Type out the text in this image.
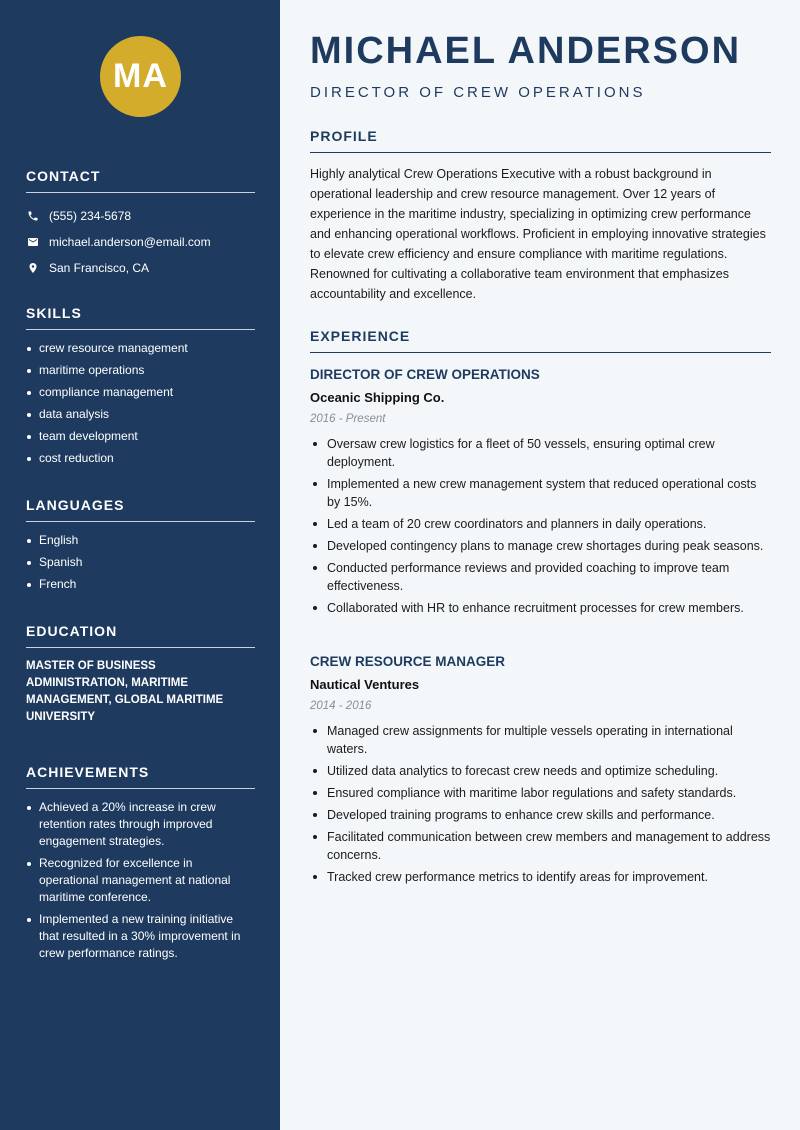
MA
CONTACT
(555) 234-5678
michael.anderson@email.com
San Francisco, CA
SKILLS
crew resource management
maritime operations
compliance management
data analysis
team development
cost reduction
LANGUAGES
English
Spanish
French
EDUCATION
MASTER OF BUSINESS ADMINISTRATION, MARITIME MANAGEMENT, GLOBAL MARITIME UNIVERSITY
ACHIEVEMENTS
Achieved a 20% increase in crew retention rates through improved engagement strategies.
Recognized for excellence in operational management at national maritime conference.
Implemented a new training initiative that resulted in a 30% improvement in crew performance ratings.
MICHAEL ANDERSON
DIRECTOR OF CREW OPERATIONS
PROFILE
Highly analytical Crew Operations Executive with a robust background in operational leadership and crew resource management. Over 12 years of experience in the maritime industry, specializing in optimizing crew performance and enhancing operational workflows. Proficient in employing innovative strategies to elevate crew efficiency and ensure compliance with maritime regulations. Renowned for cultivating a collaborative team environment that emphasizes accountability and excellence.
EXPERIENCE
DIRECTOR OF CREW OPERATIONS
Oceanic Shipping Co.
2016 - Present
Oversaw crew logistics for a fleet of 50 vessels, ensuring optimal crew deployment.
Implemented a new crew management system that reduced operational costs by 15%.
Led a team of 20 crew coordinators and planners in daily operations.
Developed contingency plans to manage crew shortages during peak seasons.
Conducted performance reviews and provided coaching to improve team effectiveness.
Collaborated with HR to enhance recruitment processes for crew members.
CREW RESOURCE MANAGER
Nautical Ventures
2014 - 2016
Managed crew assignments for multiple vessels operating in international waters.
Utilized data analytics to forecast crew needs and optimize scheduling.
Ensured compliance with maritime labor regulations and safety standards.
Developed training programs to enhance crew skills and performance.
Facilitated communication between crew members and management to address concerns.
Tracked crew performance metrics to identify areas for improvement.
